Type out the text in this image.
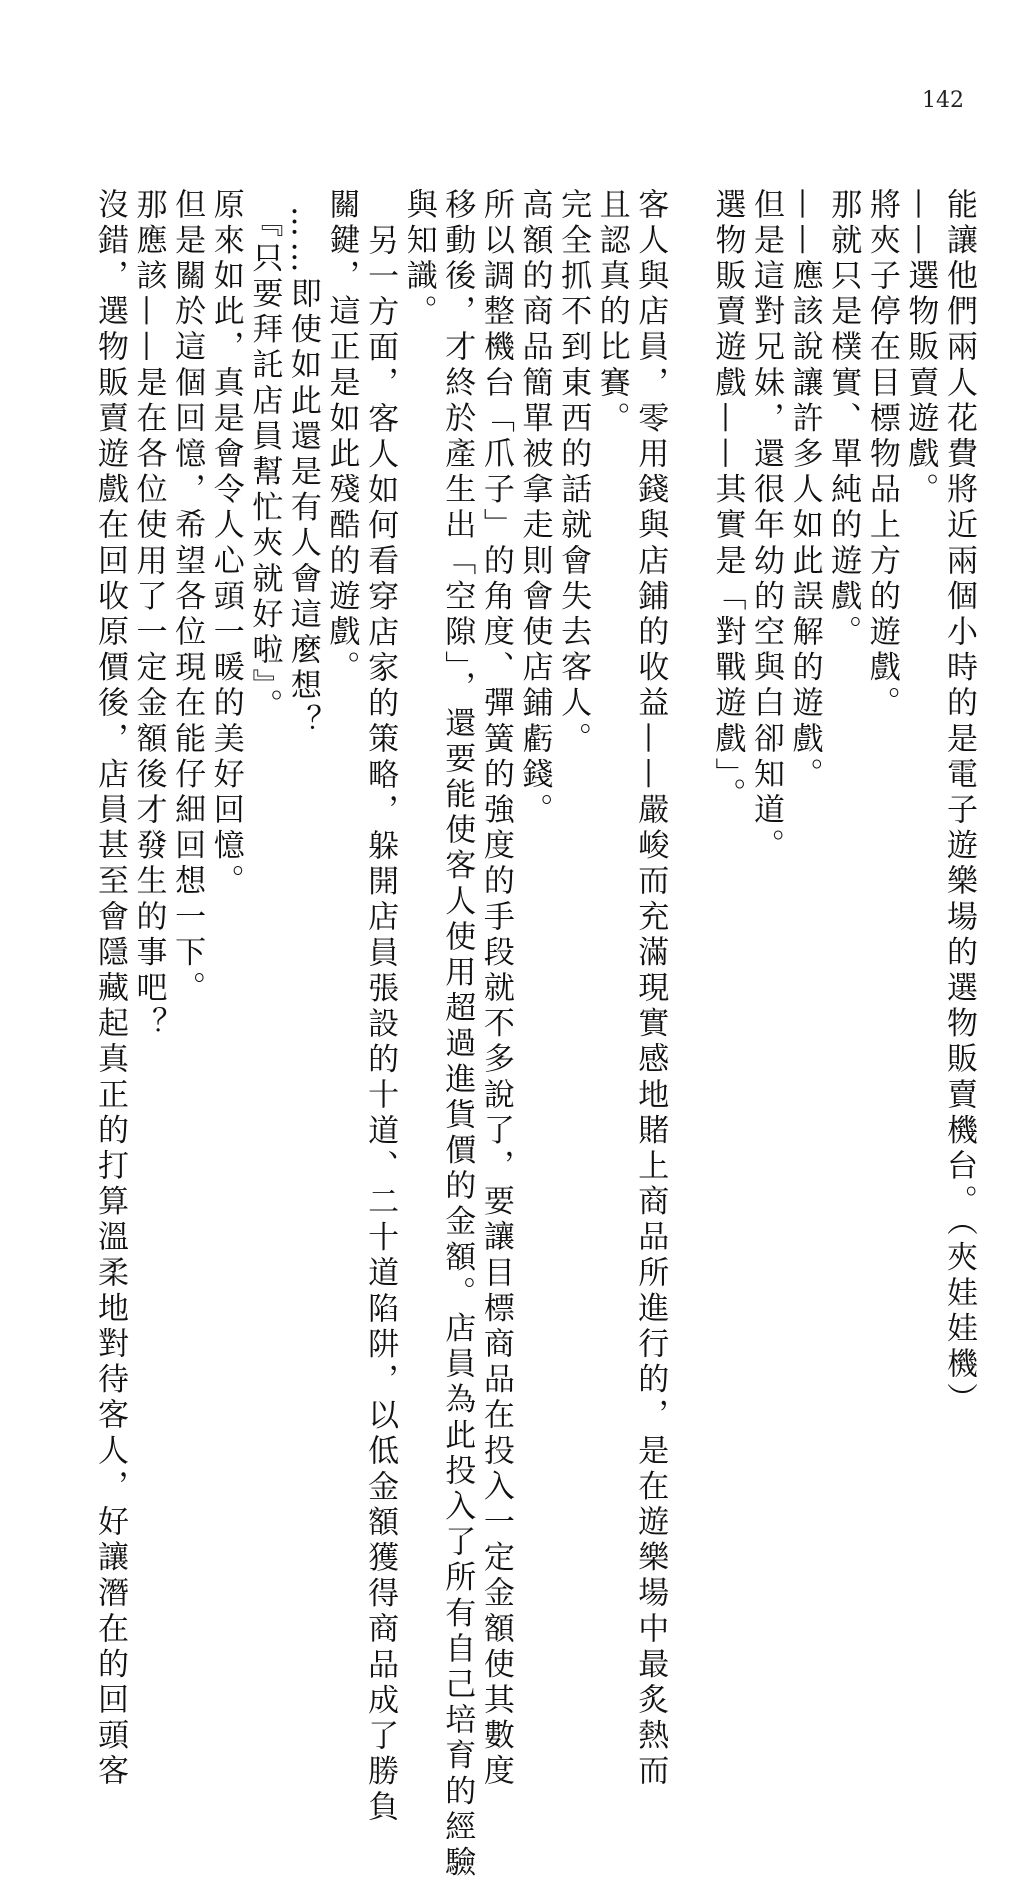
142
能讓他們兩人花費將近兩個小時的是電子遊樂場的選物販賣機台。（夾娃娃機）
——選物販賣遊戲。
將夾子停在目標物品上方的遊戲。
那就只是樸實、單純的遊戲。
——應該說讓許多人如此誤解的遊戲。
但是這對兄妹，還很年幼的空與白卻知道。
選物販賣遊戲——其實是「對戰遊戲」。
客人與店員，零用錢與店鋪的收益——嚴峻而充滿現實感地賭上商品所進行的，是在遊樂場中最炙熱而
且認真的比賽。
完全抓不到東西的話就會失去客人。
高額的商品簡單被拿走則會使店鋪虧錢。
所以調整機台「爪子」的角度、彈簧的強度的手段就不多說了，要讓目標商品在投入一定金額使其數度
移動後，才終於產生出「空隙」，還要能使客人使用超過進貨價的金額。店員為此投入了所有自己培育的經驗
與知識。
另一方面，客人如何看穿店家的策略，躲開店員張設的十道、二十道陷阱，以低金額獲得商品成了勝負
關鍵，這正是如此殘酷的遊戲。
……即使如此還是有人會這麼想？
『只要拜託店員幫忙夾就好啦』。
原來如此，真是會令人心頭一暖的美好回憶。
但是關於這個回憶，希望各位現在能仔細回想一下。
那應該——是在各位使用了一定金額後才發生的事吧？
沒錯，選物販賣遊戲在回收原價後，店員甚至會隱藏起真正的打算溫柔地對待客人，好讓潛在的回頭客
